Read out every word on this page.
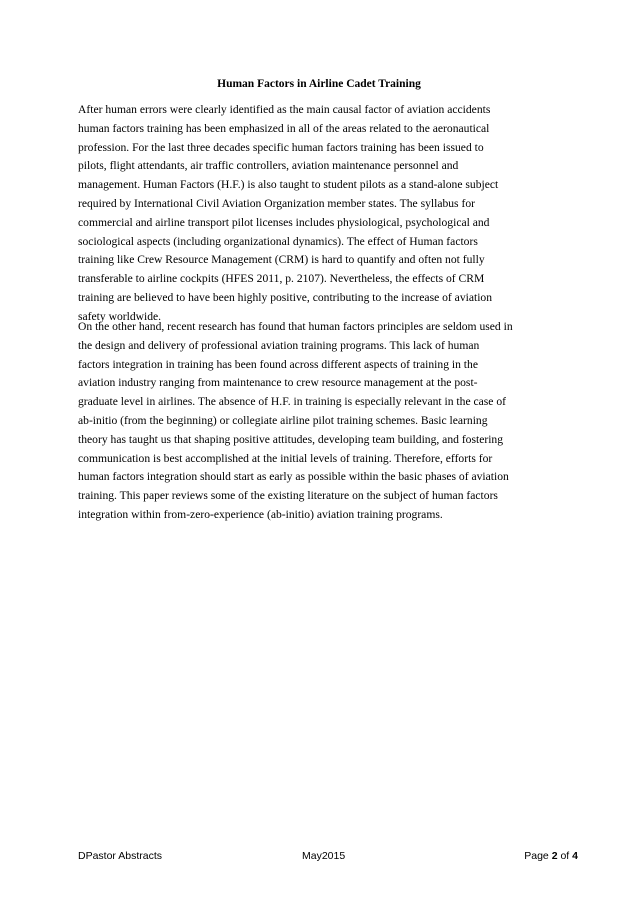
Human Factors in Airline Cadet Training
After human errors were clearly identified as the main causal factor of aviation accidents
human factors training has been emphasized in all of the areas related to the aeronautical
profession. For the last three decades specific human factors training has been issued to
pilots, flight attendants, air traffic controllers, aviation maintenance personnel and
management. Human Factors (H.F.) is also taught to student pilots as a stand-alone subject
required by International Civil Aviation Organization member states. The syllabus for
commercial and airline transport pilot licenses includes physiological, psychological and
sociological aspects (including organizational dynamics). The effect of Human factors
training like Crew Resource Management (CRM) is hard to quantify and often not fully
transferable to airline cockpits (HFES 2011, p. 2107). Nevertheless, the effects of CRM
training are believed to have been highly positive, contributing to the increase of aviation
safety worldwide.
On the other hand, recent research has found that human factors principles are seldom used in
the design and delivery of professional aviation training programs. This lack of human
factors integration in training has been found across different aspects of training in the
aviation industry ranging from maintenance to crew resource management at the post-
graduate level in airlines. The absence of H.F. in training is especially relevant in the case of
ab-initio (from the beginning) or collegiate airline pilot training schemes. Basic learning
theory has taught us that shaping positive attitudes, developing team building, and fostering
communication is best accomplished at the initial levels of training. Therefore, efforts for
human factors integration should start as early as possible within the basic phases of aviation
training. This paper reviews some of the existing literature on the subject of human factors
integration within from-zero-experience (ab-initio) aviation training programs.
DPastor Abstracts	May2015	Page 2 of 4
